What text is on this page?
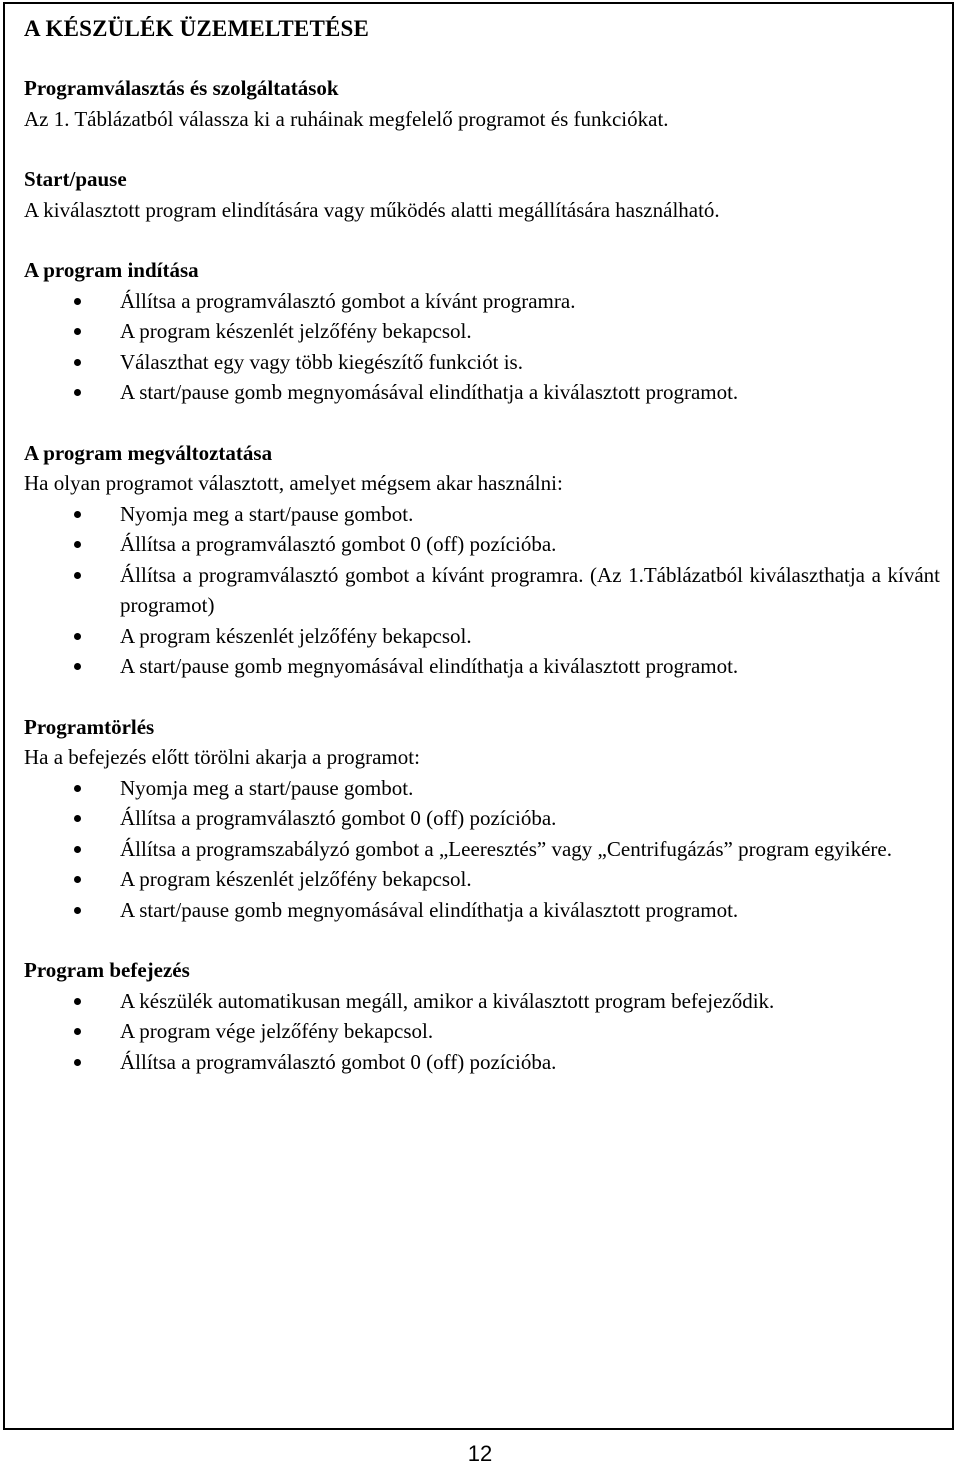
A KÉSZÜLÉK ÜZEMELTETÉSE

Programválasztás és szolgáltatások

Az 1. Táblázatból válassza ki a ruháinak megfelelő programot és funkciókat.

Start/pause

A kiválasztott program elindítására vagy működés alatti megállítására használható.

A program indítása

Állítsa a programválasztó gombot a kívánt programra.
A program készenlét jelzőfény bekapcsol.
Választhat egy vagy több kiegészítő funkciót is.
A start/pause gomb megnyomásával elindíthatja a kiválasztott programot.

A program megváltoztatása

Ha olyan programot választott, amelyet mégsem akar használni:

Nyomja meg a start/pause gombot.
Állítsa a programválasztó gombot 0 (off) pozícióba.
Állítsa a programválasztó gombot a kívánt programra. (Az 1.Táblázatból kiválaszthatja a kívánt programot)
A program készenlét jelzőfény bekapcsol.
A start/pause gomb megnyomásával elindíthatja a kiválasztott programot.

Programtörlés

Ha a befejezés előtt törölni akarja a programot:

Nyomja meg a start/pause gombot.
Állítsa a programválasztó gombot 0 (off) pozícióba.
Állítsa a programszabályzó gombot a „Leeresztés” vagy „Centrifugázás” program egyikére.
A program készenlét jelzőfény bekapcsol.
A start/pause gomb megnyomásával elindíthatja a kiválasztott programot.

Program befejezés

A készülék automatikusan megáll, amikor a kiválasztott program befejeződik.
A program vége jelzőfény bekapcsol.
Állítsa a programválasztó gombot 0 (off) pozícióba.
12
